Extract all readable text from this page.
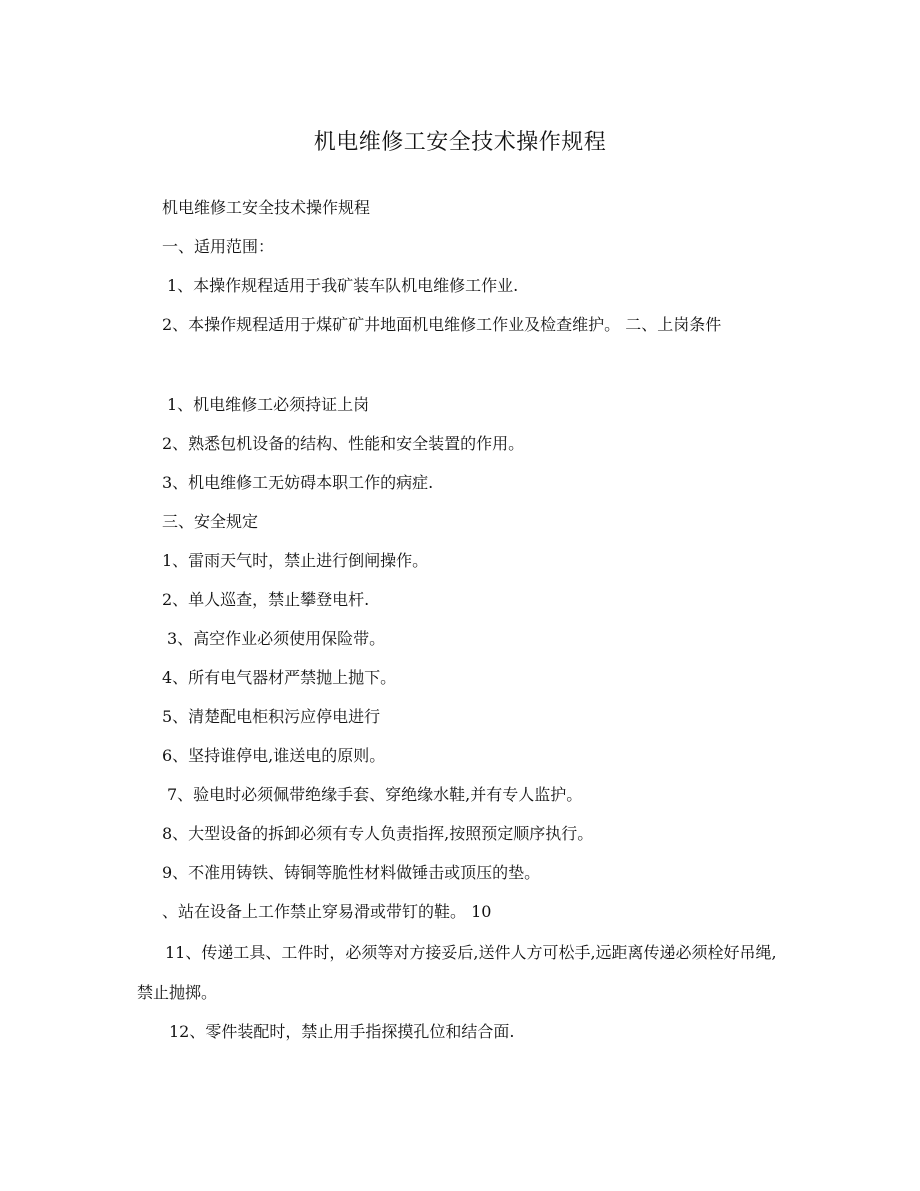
机电维修工安全技术操作规程

机电维修工安全技术操作规程

一、适用范围：

1、本操作规程适用于我矿装车队机电维修工作业.

2、本操作规程适用于煤矿矿井地面机电维修工作业及检查维护。 二、上岗条件

1、机电维修工必须持证上岗

2、熟悉包机设备的结构、性能和安全装置的作用。

3、机电维修工无妨碍本职工作的病症.

三、安全规定

1、雷雨天气时，禁止进行倒闸操作。

2、单人巡查，禁止攀登电杆.

3、高空作业必须使用保险带。

4、所有电气器材严禁抛上抛下。

5、清楚配电柜积污应停电进行

6、坚持谁停电,谁送电的原则。

7、验电时必须佩带绝缘手套、穿绝缘水鞋,并有专人监护。

8、大型设备的拆卸必须有专人负责指挥,按照预定顺序执行。

9、不准用铸铁、铸铜等脆性材料做锤击或顶压的垫。

、站在设备上工作禁止穿易滑或带钉的鞋。 10

11、传递工具、工件时，必须等对方接妥后,送件人方可松手,远距离传递必须栓好吊绳,禁止抛掷。

12、零件装配时，禁止用手指探摸孔位和结合面.
